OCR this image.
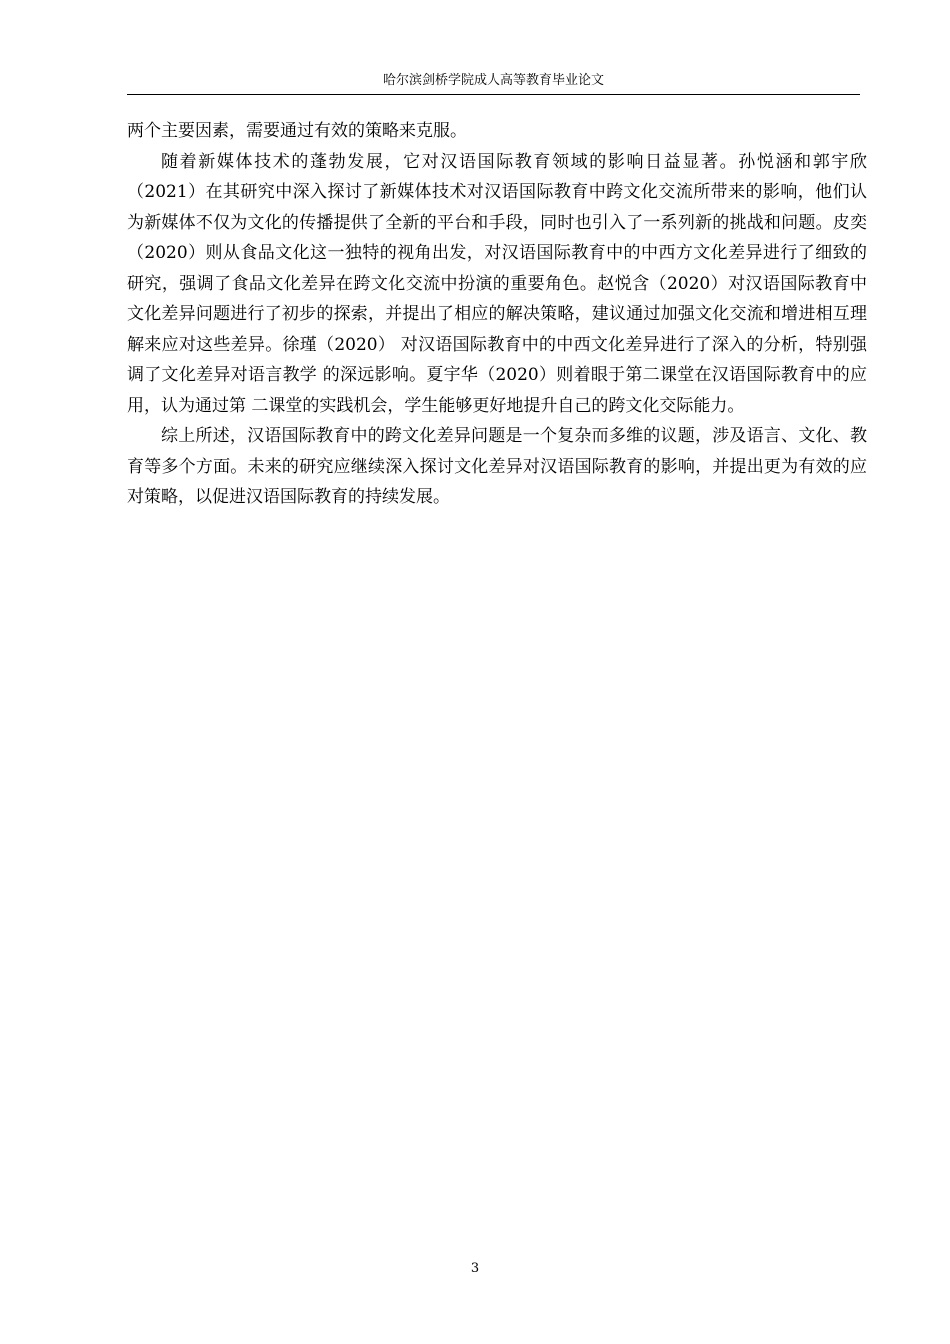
哈尔滨剑桥学院成人高等教育毕业论文

两个主要因素，需要通过有效的策略来克服。

随着新媒体技术的蓬勃发展，它对汉语国际教育领域的影响日益显著。孙悦涵和郭宇欣（2021）在其研究中深入探讨了新媒体技术对汉语国际教育中跨文化交流所带来的影响，他们认为新媒体不仅为文化的传播提供了全新的平台和手段，同时也引入了一系列新的挑战和问题。皮奕（2020）则从食品文化这一独特的视角出发，对汉语国际教育中的中西方文化差异进行了细致的研究，强调了食品文化差异在跨文化交流中扮演的重要角色。赵悦含（2020）对汉语国际教育中文化差异问题进行了初步的探索，并提出了相应的解决策略，建议通过加强文化交流和增进相互理解来应对这些差异。徐瑾（2020） 对汉语国际教育中的中西文化差异进行了深入的分析，特别强调了文化差异对语言教学 的深远影响。夏宇华（2020）则着眼于第二课堂在汉语国际教育中的应用，认为通过第 二课堂的实践机会，学生能够更好地提升自己的跨文化交际能力。

综上所述，汉语国际教育中的跨文化差异问题是一个复杂而多维的议题，涉及语言、文化、教育等多个方面。未来的研究应继续深入探讨文化差异对汉语国际教育的影响，并提出更为有效的应对策略，以促进汉语国际教育的持续发展。

3
